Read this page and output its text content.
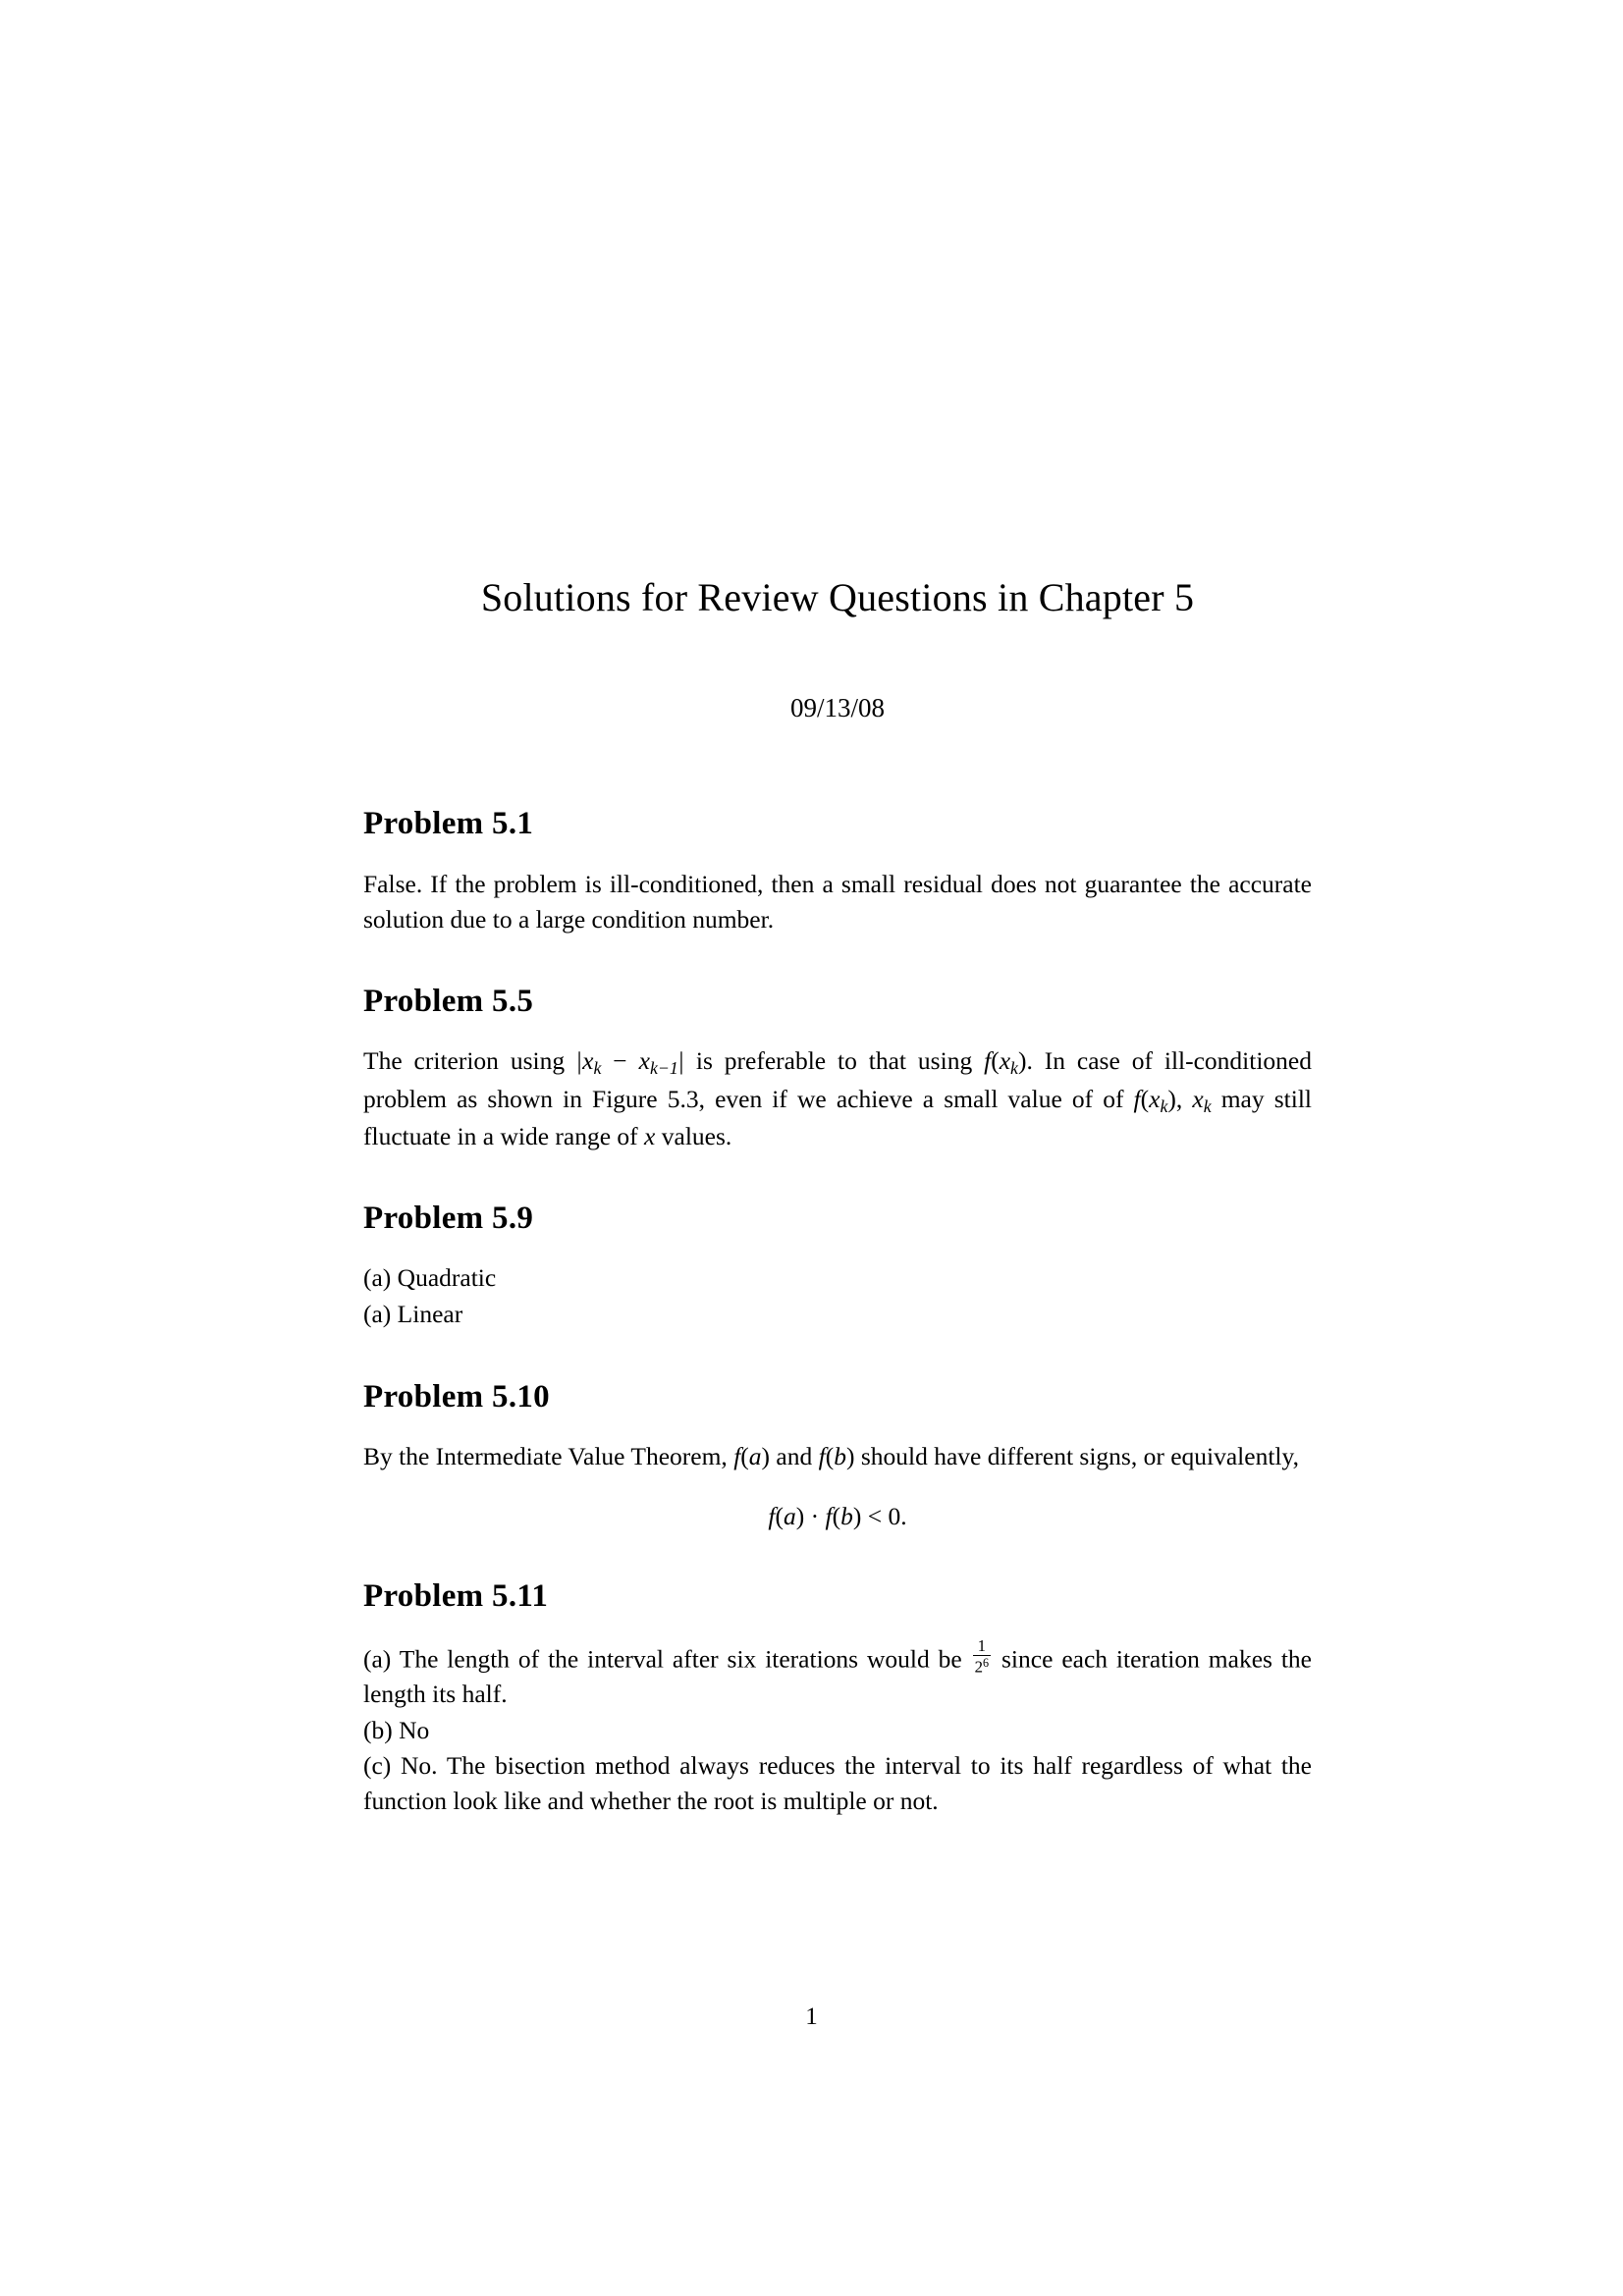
Solutions for Review Questions in Chapter 5
09/13/08
Problem 5.1

False. If the problem is ill-conditioned, then a small residual does not guarantee the accurate solution due to a large condition number.

Problem 5.5

The criterion using $|x_k - x_{k-1}|$ is preferable to that using $f(x_k)$. In case of ill-conditioned problem as shown in Figure 5.3, even if we achieve a small value of of $f(x_k)$, $x_k$ may still fluctuate in a wide range of x values.

Problem 5.9

(a) Quadratic

(a) Linear

Problem 5.10

By the Intermediate Value Theorem, f(a) and f(b) should have different signs, or equivalently,

f(a) · f(b) < 0.
Problem 5.11

(a) The length of the interval after six iterations would be $\frac{1}{2^6}$ since each iteration makes the length its half.

(b) No

(c) No. The bisection method always reduces the interval to its half regardless of what the function look like and whether the root is multiple or not.

1
